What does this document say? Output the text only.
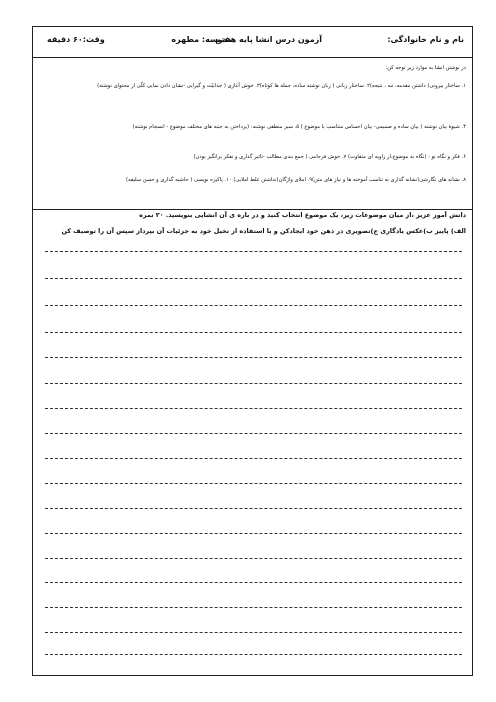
نام و نام خانوادگی:
آزمون درس انشا پایه هفتم
مدرسه: مطهره
وقت:۶۰ دقیقه
در نوشتن انشا به موارد زیر توجه کن:

۱. ساختار بیرونی( داشتن مقدمه، تنه ، نتیجه)۲. ساختار زبانی ( زبان نوشته ساده، جمله ها کوتاه)۳. خوش آغازی ( جذابیّت و گیرایی -نشان دادن نمایی کلّی از محتوای نوشته)

۴. شیوۀ بیان نوشته ( بیان ساده و صمیمی- بیان احساس متناسب با موضوع ) ۵. سیر منطقی نوشته: (پرداختن به جنبه های مختلف موضوع - انسجام نوشته)

۶. فکر و نگاه نو : (نگاه به موضوع،از زاویه ای متفاوت) ۷. خوش فرجامی ( جمع بندی مطالب -تاثیر گذاری و تفکر برانگیز بودن)

۸. نشانه های نگارشی(نشانه گذاری به تناسب آموخته ها و نیاز های متن)۹. املای واژگان(نداشتن غلط املایی) ۱۰. پاکیزه نویسی ( حاشیه گذاری و حسن سلیقه)

دانش آموز عزیز ،از میان موضوعات زیر، یک موضوع انتخاب کنید و در باره ی آن انشایی بنویسید. ۲۰ نمره
الف) پاییز ب)عکس یادگاری ج)تصویری در ذهن خود ایجادکن و با استفاده از تخیل خود به جزئیات آن بپرداز سپس آن را توصیف کن
